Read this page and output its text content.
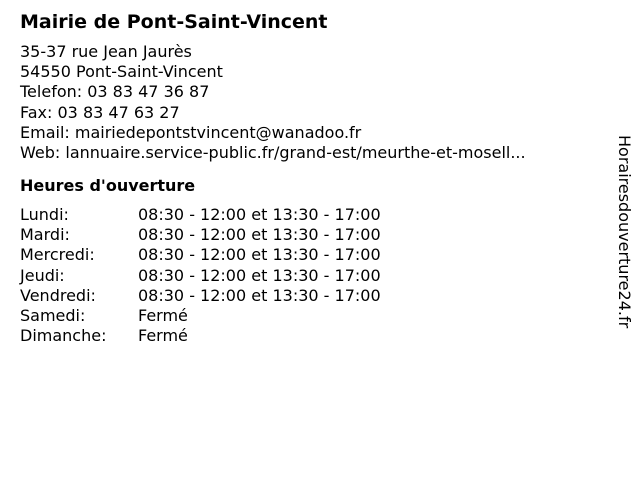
Mairie de Pont-Saint-Vincent
35-37 rue Jean Jaurès
54550 Pont-Saint-Vincent
Telefon: 03 83 47 36 87
Fax: 03 83 47 63 27
Email: mairiedepontstvincent@wanadoo.fr
Web: lannuaire.service-public.fr/grand-est/meurthe-et-mosell...
Heures d'ouverture
Lundi:	08:30 - 12:00 et 13:30 - 17:00
Mardi:	08:30 - 12:00 et 13:30 - 17:00
Mercredi:	08:30 - 12:00 et 13:30 - 17:00
Jeudi:	08:30 - 12:00 et 13:30 - 17:00
Vendredi:	08:30 - 12:00 et 13:30 - 17:00
Samedi:	Fermé
Dimanche:	Fermé
Horairesdouverture24.fr
